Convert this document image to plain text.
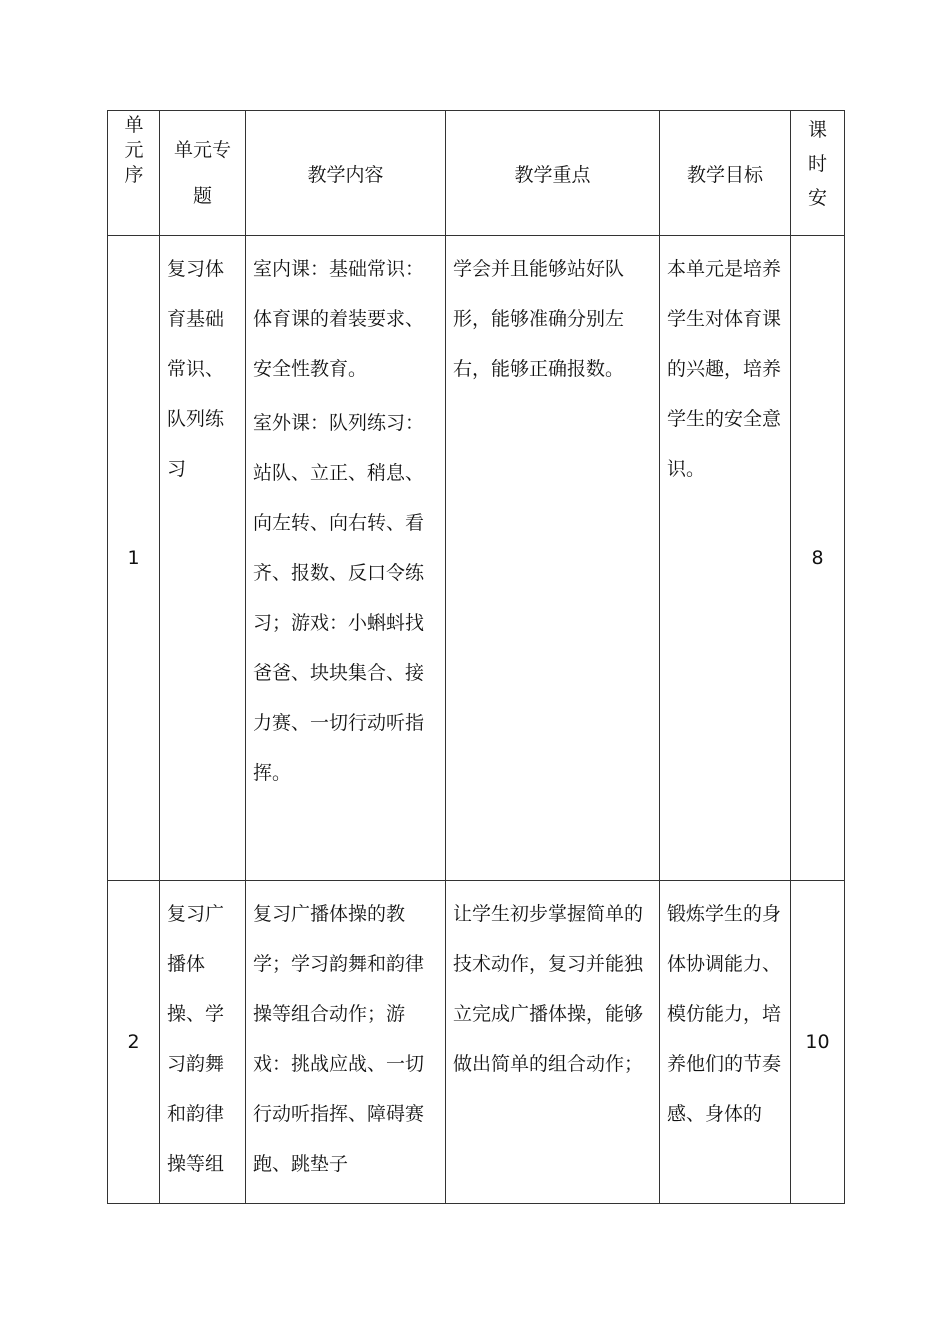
单元序	单元专题	教学内容	教学重点	教学目标	课时安

1	复习体育基础常识、队列练习	室内课：基础常识：体育课的着装要求、安全性教育。
室外课：队列练习：站队、立正、稍息、向左转、向右转、看齐、报数、反口令练习；游戏：小蝌蚪找爸爸、块块集合、接力赛、一切行动听指挥。	学会并且能够站好队形，能够准确分别左右，能够正确报数。	本单元是培养学生对体育课的兴趣，培养学生的安全意识。	8

2	复习广播体操、学习韵舞和韵律操等组	复习广播体操的教学；学习韵舞和韵律操等组合动作；游戏：挑战应战、一切行动听指挥、障碍赛跑、跳垫子	让学生初步掌握简单的技术动作，复习并能独立完成广播体操，能够做出简单的组合动作；	锻炼学生的身体协调能力、模仿能力，培养他们的节奏感、身体的	10
